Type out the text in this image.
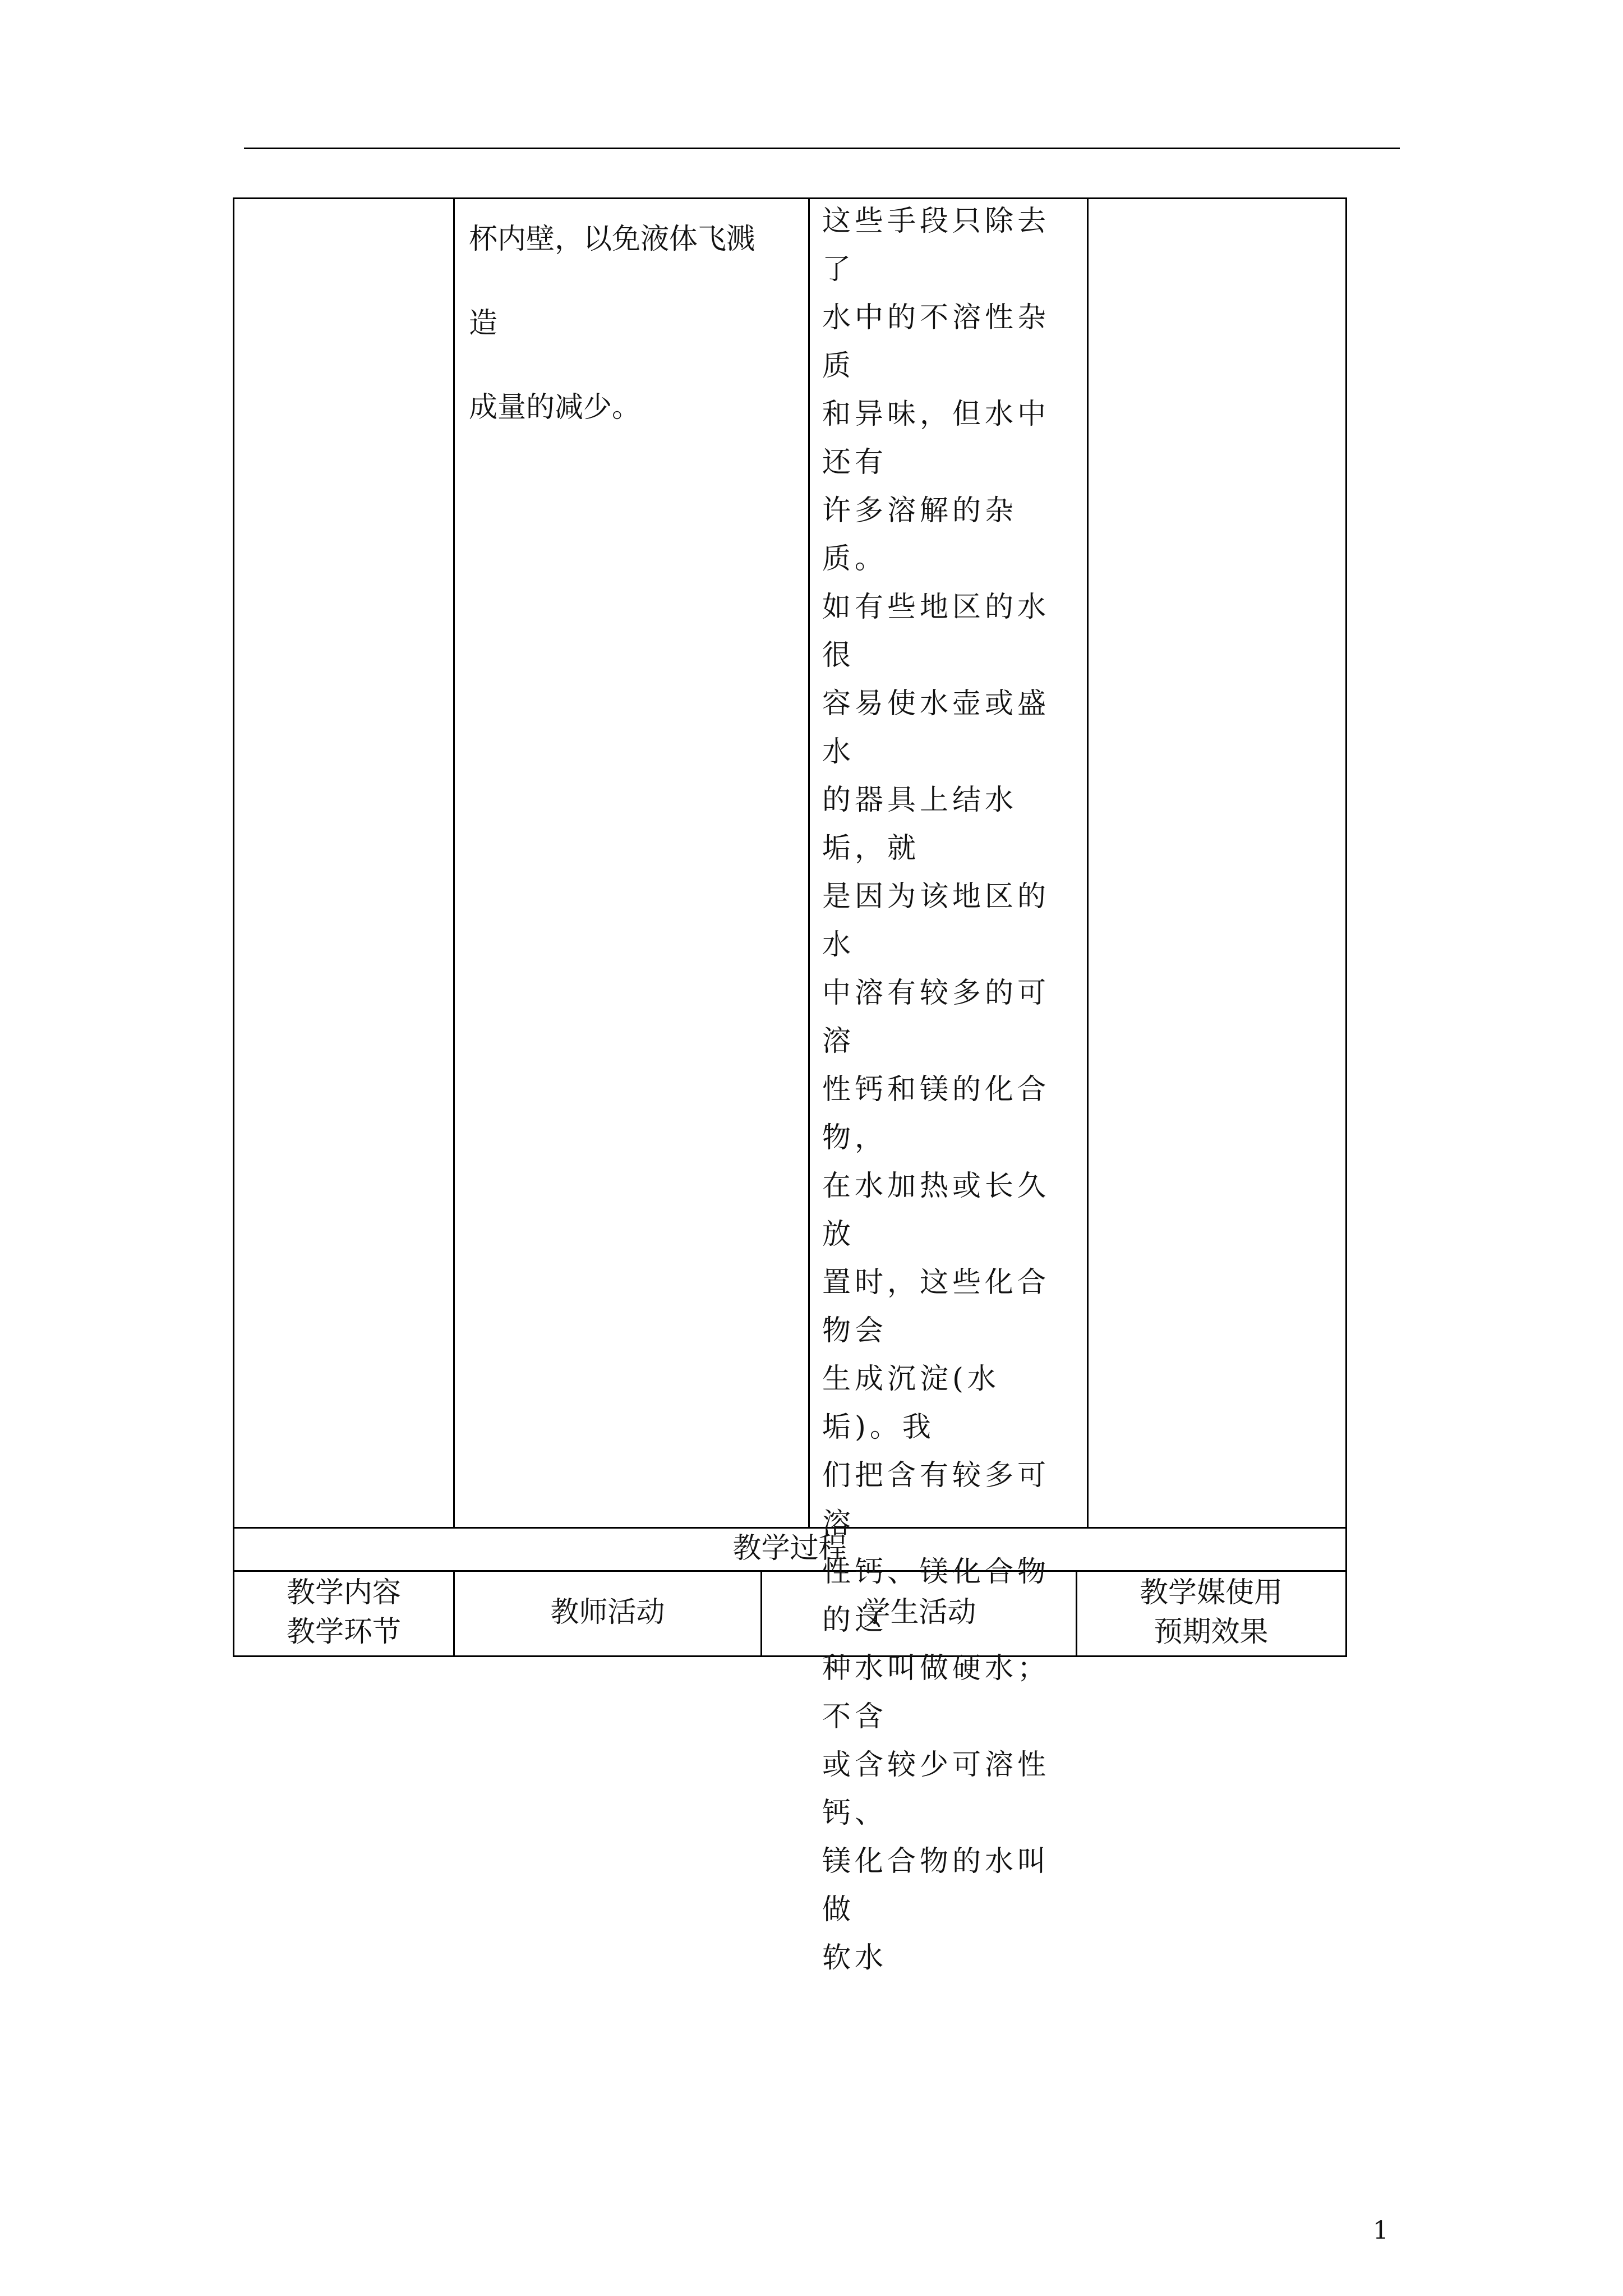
杯内壁，以免液体飞溅造
成量的减少。
这些手段只除去了
水中的不溶性杂质
和异味，但水中还有
许多溶解的杂质。
如有些地区的水很
容易使水壶或盛水
的器具上结水垢，就
是因为该地区的水
中溶有较多的可溶
性钙和镁的化合物，
在水加热或长久放
置时，这些化合物会
生成沉淀(水垢)。我
们把含有较多可溶
性钙、镁化合物的这
种水叫做硬水；不含
或含较少可溶性钙、
镁化合物的水叫做
软水
教学过程
教学内容
教学环节
教师活动	学生活动
教学媒使用
预期效果
1
